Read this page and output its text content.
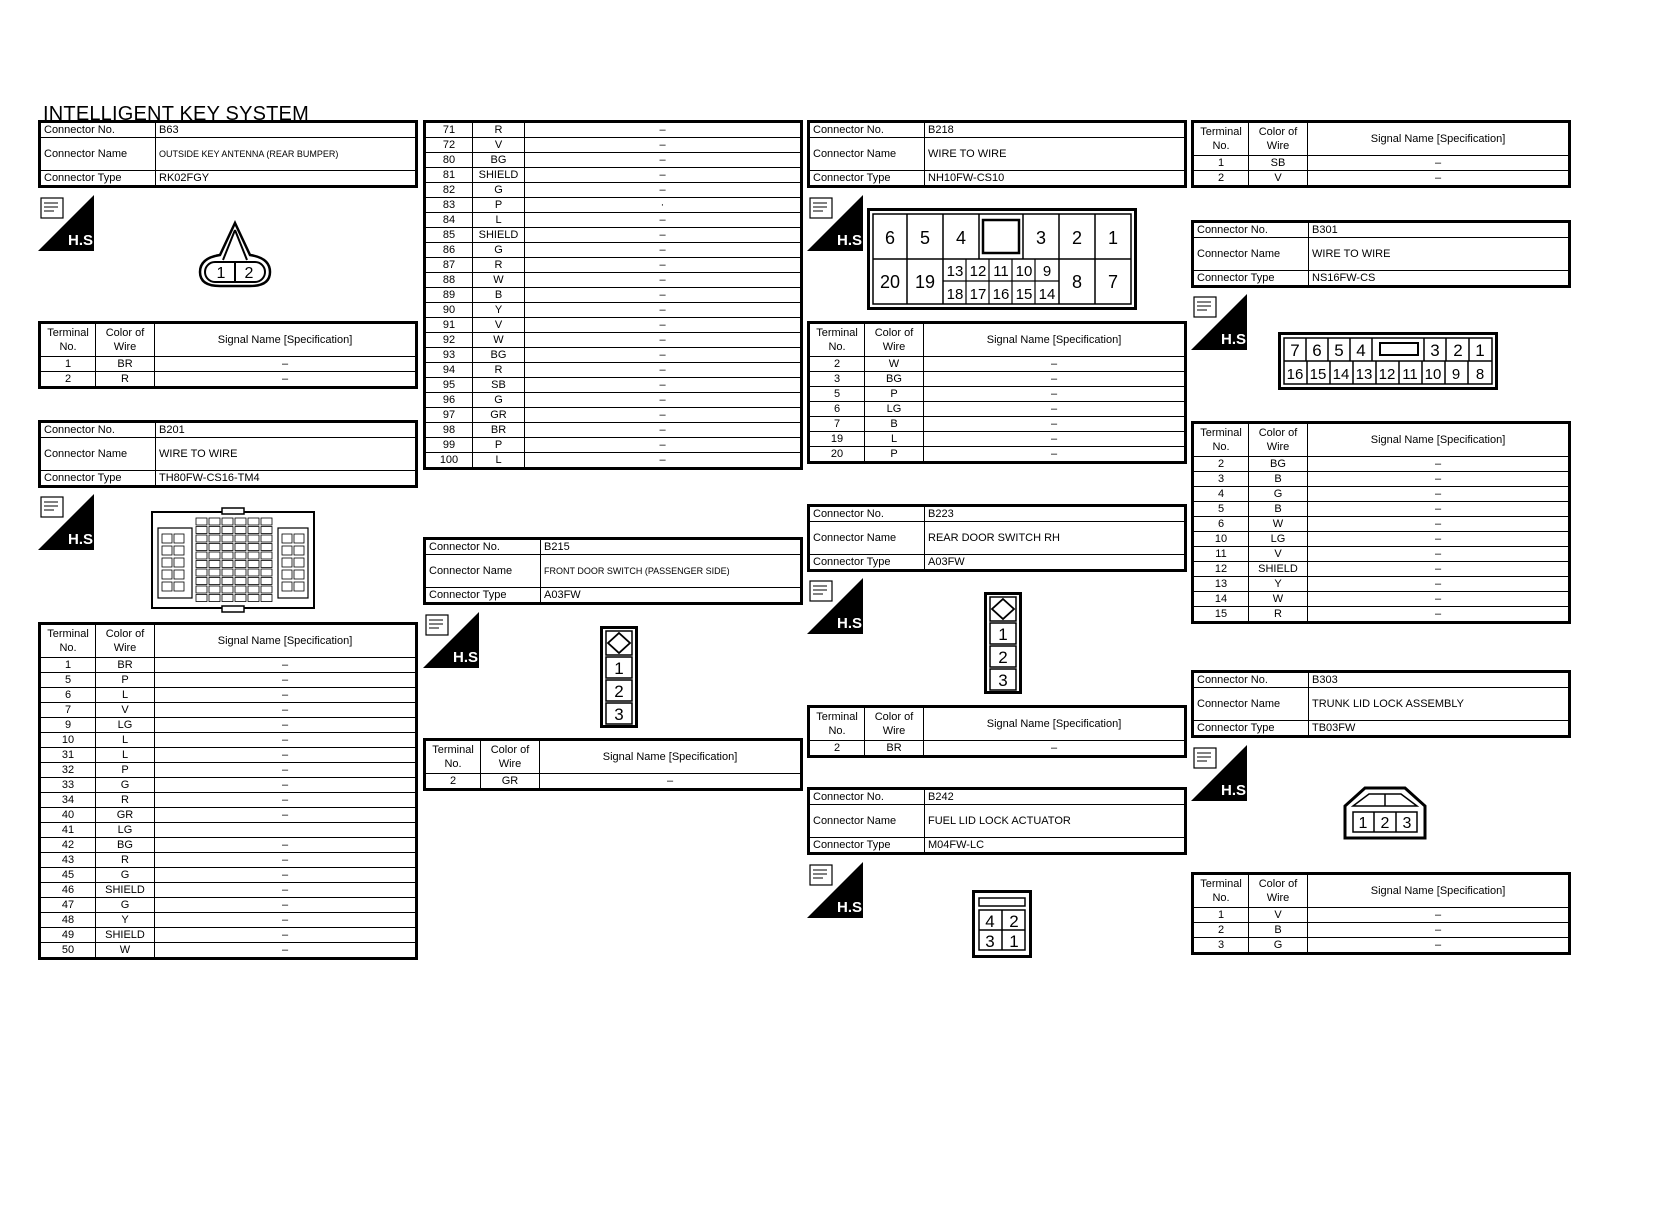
INTELLIGENT KEY SYSTEM
Connector No.	B63
Connector Name	OUTSIDE KEY ANTENNA (REAR BUMPER)
Connector Type	RK02FGY
H.S.
1 2
Terminal No.	Color of Wire	Signal Name [Specification]
1	BR	–
2	R	–
Connector No.	B201
Connector Name	WIRE TO WIRE
Connector Type	TH80FW-CS16-TM4
H.S.
Terminal No.	Color of Wire	Signal Name [Specification]
1	BR	–
5	P	–
6	L	–
7	V	–
9	LG	–
10	L	–
31	L	–
32	P	–
33	G	–
34	R	–
40	GR	–
41	LG	
42	BG	–
43	R	–
45	G	–
46	SHIELD	–
47	G	–
48	Y	–
49	SHIELD	–
50	W	–
71	R	–
72	V	–
80	BG	–
81	SHIELD	–
82	G	–
83	P	·
84	L	–
85	SHIELD	–
86	G	–
87	R	–
88	W	–
89	B	–
90	Y	–
91	V	–
92	W	–
93	BG	–
94	R	–
95	SB	–
96	G	–
97	GR	–
98	BR	–
99	P	–
100	L	–
Connector No.	B215
Connector Name	FRONT DOOR SWITCH (PASSENGER SIDE)
Connector Type	A03FW
H.S.
1
2
3
Terminal No.	Color of Wire	Signal Name [Specification]
2	GR	–
Connector No.	B218
Connector Name	WIRE TO WIRE
Connector Type	NH10FW-CS10
H.S. 6 5 4	3 2 1
20 19	8 7
13 12 11 10 9
18 17 16 15 14
Terminal No.	Color of Wire	Signal Name [Specification]
2	W	–
3	BG	–
5	P	–
6	LG	–
7	B	–
19	L	–
20	P	–
Connector No.	B223
Connector Name	REAR DOOR SWITCH RH
Connector Type	A03FW
H.S.
1
2
3
Terminal No.	Color of Wire	Signal Name [Specification]
2	BR	–
Connector No.	B242
Connector Name	FUEL LID LOCK ACTUATOR
Connector Type	M04FW-LC
H.S.
4 2
3 1
Terminal No.	Color of Wire	Signal Name [Specification]
1	SB	–
2	V	–
Connector No.	B301
Connector Name	WIRE TO WIRE
Connector Type	NS16FW-CS
H.S.
7 6 5 4	3 2 1
16 15 14 13 12 11 10 9 8
Terminal No.	Color of Wire	Signal Name [Specification]
2	BG	–
3	B	–
4	G	–
5	B	–
6	W	–
10	LG	–
11	V	–
12	SHIELD	–
13	Y	–
14	W	–
15	R	–
Connector No.	B303
Connector Name	TRUNK LID LOCK ASSEMBLY
Connector Type	TB03FW
H.S.
1 2 3
Terminal No.	Color of Wire	Signal Name [Specification]
1	V	–
2	B	–
3	G	–
